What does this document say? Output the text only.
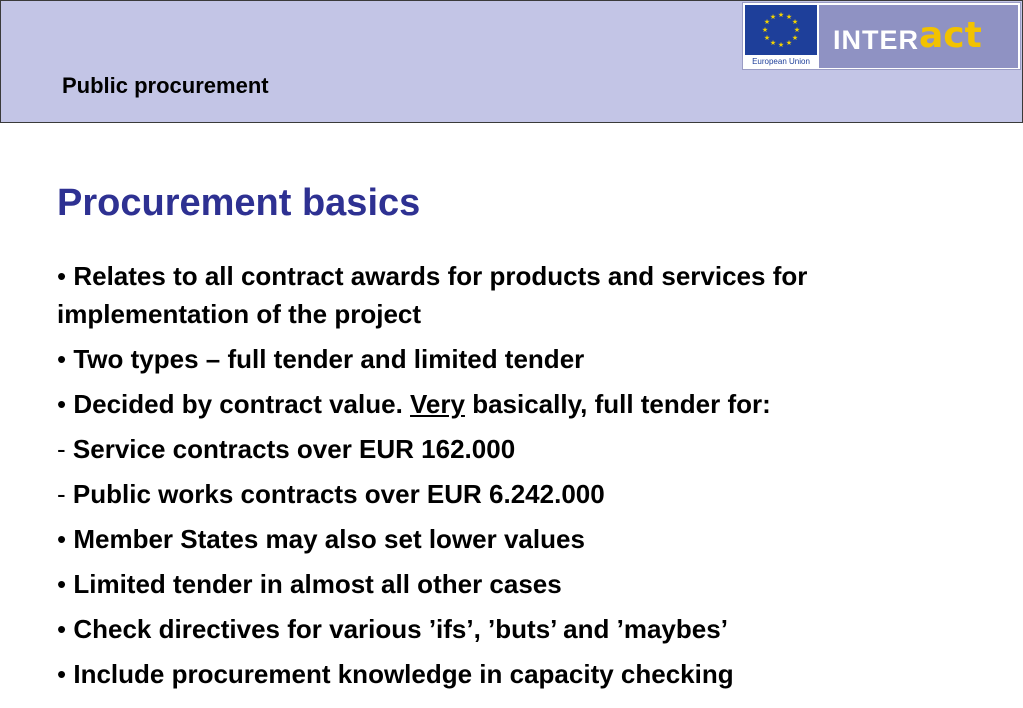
Public procurement
★ ★
★
★
★
★
★
★
★
★
★
★
European Union
INTERact
Procurement basics
• Relates to all contract awards for products and services for implementation of the project
• Two types – full tender and limited tender
• Decided by contract value. Very basically, full tender for:
- Service contracts over EUR 162.000
- Public works contracts over EUR 6.242.000
• Member States may also set lower values
• Limited tender in almost all other cases
• Check directives for various ’ifs’, ’buts’ and ’maybes’
• Include procurement knowledge in capacity checking
